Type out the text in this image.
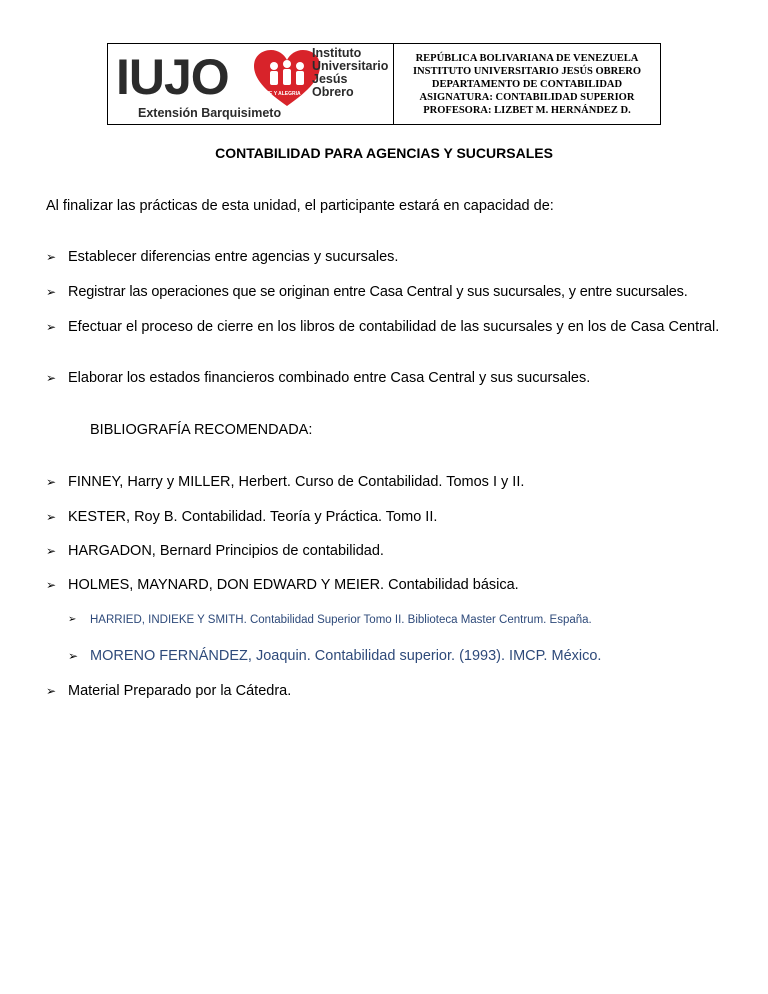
IUJO	FE Y ALEGRIA
Instituto
Universitario
Jesús
Obrero
Extensión Barquisimeto
REPÚBLICA BOLIVARIANA DE VENEZUELA
INSTITUTO UNIVERSITARIO JESÚS OBRERO
DEPARTAMENTO DE CONTABILIDAD
ASIGNATURA: CONTABILIDAD SUPERIOR
PROFESORA: LIZBET M. HERNÁNDEZ D.
CONTABILIDAD PARA AGENCIAS Y SUCURSALES
Al finalizar las prácticas de esta unidad, el participante estará en capacidad de:
➢ Establecer diferencias entre agencias y sucursales.
➢ Registrar las operaciones que se originan entre Casa Central y sus sucursales, y entre sucursales.
➢ Efectuar el proceso de cierre en los libros de contabilidad de las sucursales y en los de Casa Central.
➢ Elaborar los estados financieros combinado entre Casa Central y sus sucursales.
BIBLIOGRAFÍA RECOMENDADA:
➢ FINNEY, Harry y MILLER, Herbert. Curso de Contabilidad. Tomos I y II.
➢ KESTER, Roy B. Contabilidad. Teoría y Práctica. Tomo II.
➢ HARGADON, Bernard Principios de contabilidad.
➢ HOLMES, MAYNARD, DON EDWARD Y MEIER. Contabilidad básica.
➢	HARRIED, INDIEKE Y SMITH. Contabilidad Superior Tomo II. Biblioteca Master Centrum. España.
➢ MORENO FERNÁNDEZ, Joaquin. Contabilidad superior. (1993). IMCP. México.
➢ Material Preparado por la Cátedra.
